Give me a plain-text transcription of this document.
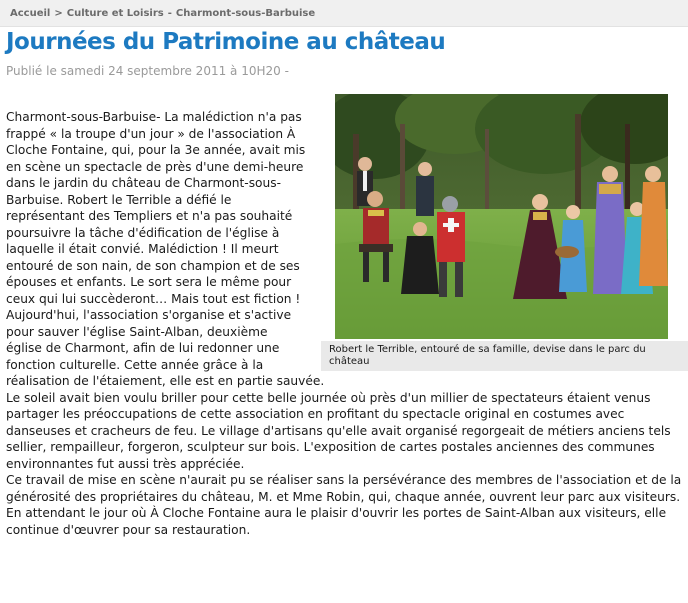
Accueil > Culture et Loisirs - Charmont-sous-Barbuise
Journées du Patrimoine au château
Publié le samedi 24 septembre 2011 à 10H20 -
Robert le Terrible, entouré de sa famille, devise dans le parc du château

Charmont-sous-Barbuise- La malédiction n'a pas frappé « la troupe d'un jour » de l'association À Cloche Fontaine, qui, pour la 3e année, avait mis en scène un spectacle de près d'une demi-heure dans le jardin du château de Charmont-sous-Barbuise. Robert le Terrible a défié le représentant des Templiers et n'a pas souhaité poursuivre la tâche d'édification de l'église à laquelle il était convié. Malédiction ! Il meurt entouré de son nain, de son champion et de ses épouses et enfants. Le sort sera le même pour ceux qui lui succèderont… Mais tout est fiction ! Aujourd'hui, l'association s'organise et s'active pour sauver l'église Saint-Alban, deuxième église de Charmont, afin de lui redonner une fonction culturelle. Cette année grâce à la réalisation de l'étaiement, elle est en partie sauvée.

Le soleil avait bien voulu briller pour cette belle journée où près d'un millier de spectateurs étaient venus partager les préoccupations de cette association en profitant du spectacle original en costumes avec danseuses et cracheurs de feu. Le village d'artisans qu'elle avait organisé regorgeait de métiers anciens tels sellier, rempailleur, forgeron, sculpteur sur bois. L'exposition de cartes postales anciennes des communes environnantes fut aussi très appréciée.

Ce travail de mise en scène n'aurait pu se réaliser sans la persévérance des membres de l'association et de la générosité des propriétaires du château, M. et Mme Robin, qui, chaque année, ouvrent leur parc aux visiteurs.

En attendant le jour où À Cloche Fontaine aura le plaisir d'ouvrir les portes de Saint-Alban aux visiteurs, elle continue d'œuvrer pour sa restauration.
